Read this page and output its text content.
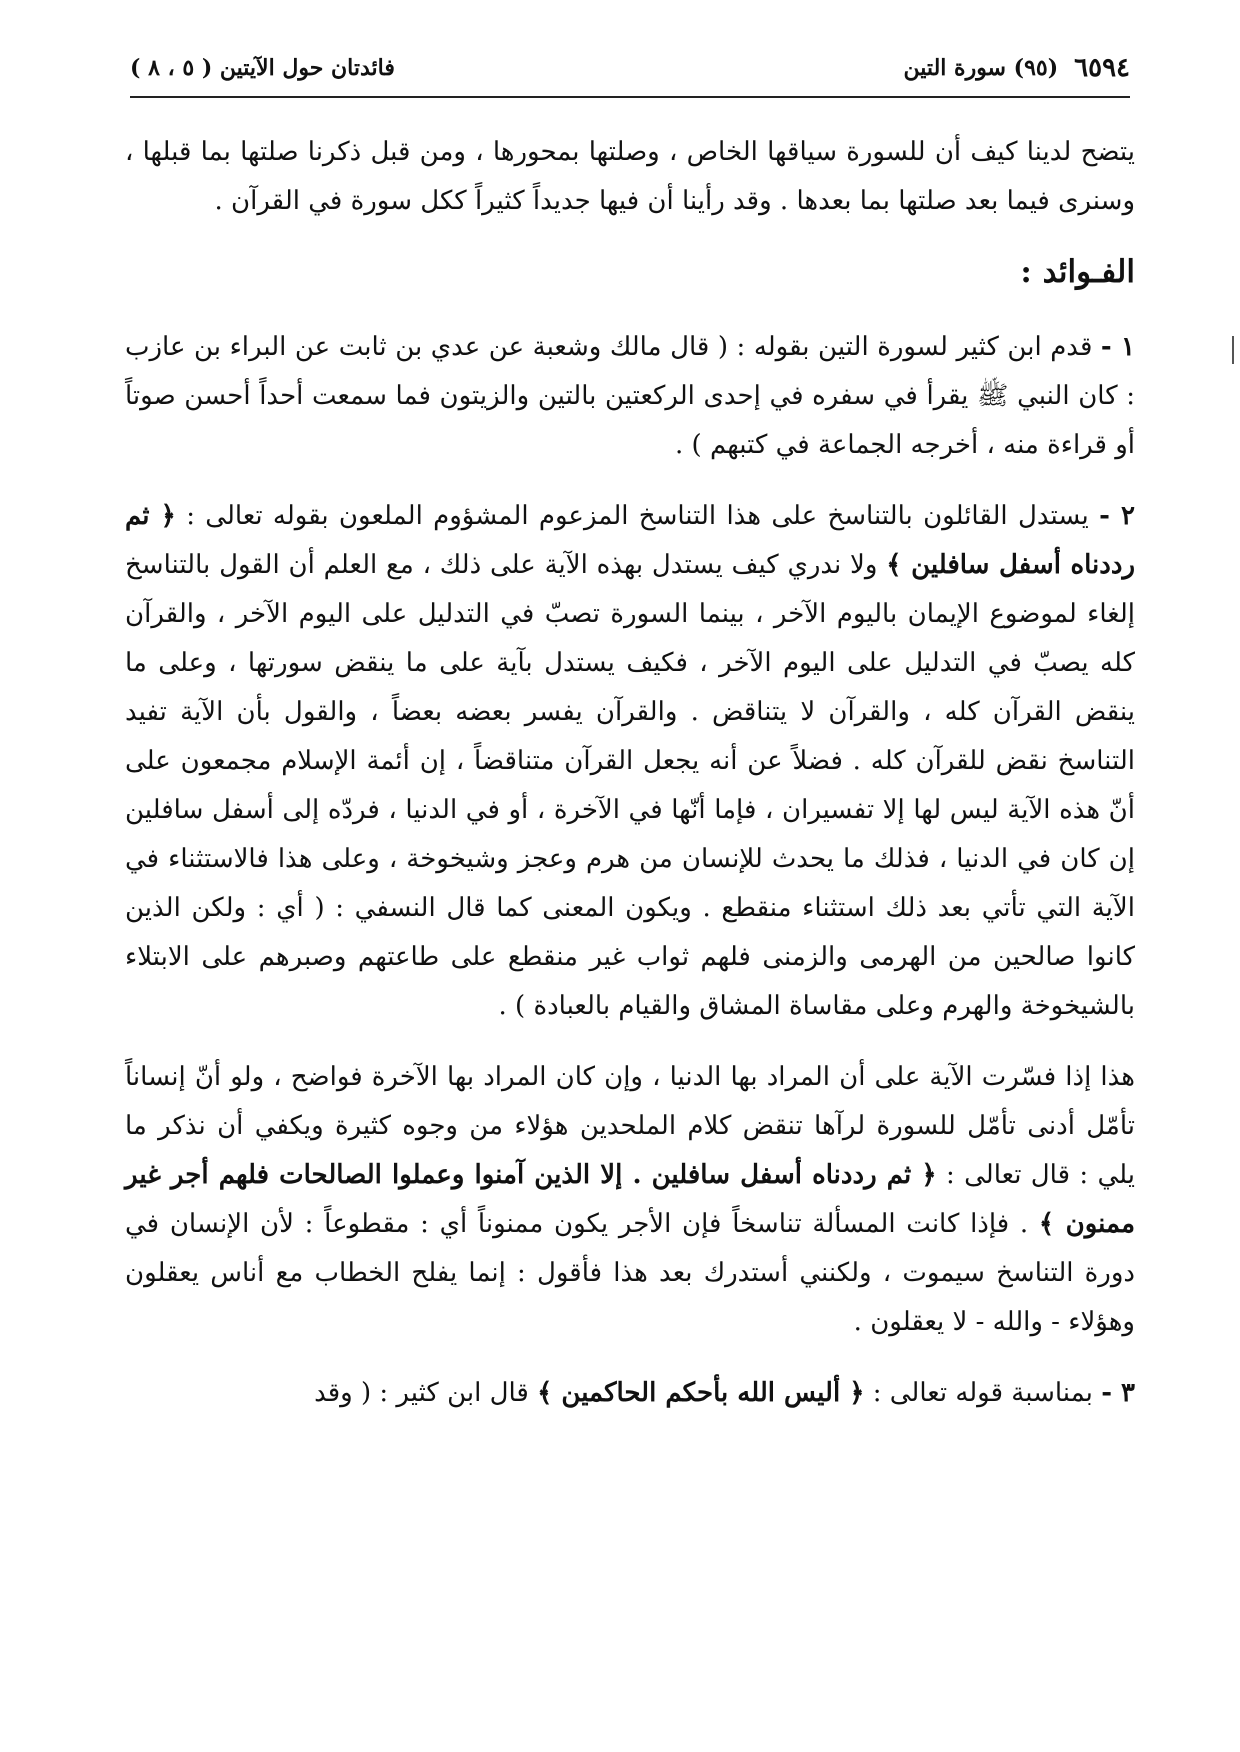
٦٥٩٤
(٩٥) سورة التين
فائدتان حول الآيتين ( ٥ ، ٨ )

يتضح لدينا كيف أن للسورة سياقها الخاص ، وصلتها بمحورها ، ومن قبل ذكرنا صلتها بما قبلها ، وسنرى فيما بعد صلتها بما بعدها . وقد رأينا أن فيها جديداً كثيراً ككل سورة في القرآن .

الفـوائد :

١ - قدم ابن كثير لسورة التين بقوله : ( قال مالك وشعبة عن عدي بن ثابت عن البراء بن عازب : كان النبي ﷺ يقرأ في سفره في إحدى الركعتين بالتين والزيتون فما سمعت أحداً أحسن صوتاً أو قراءة منه ، أخرجه الجماعة في كتبهم ) .

٢ - يستدل القائلون بالتناسخ على هذا التناسخ المزعوم المشؤوم الملعون بقوله تعالى : ﴿ ثم رددناه أسفل سافلين ﴾ ولا ندري كيف يستدل بهذه الآية على ذلك ، مع العلم أن القول بالتناسخ إلغاء لموضوع الإيمان باليوم الآخر ، بينما السورة تصبّ في التدليل على اليوم الآخر ، والقرآن كله يصبّ في التدليل على اليوم الآخر ، فكيف يستدل بآية على ما ينقض سورتها ، وعلى ما ينقض القرآن كله ، والقرآن لا يتناقض . والقرآن يفسر بعضه بعضاً ، والقول بأن الآية تفيد التناسخ نقض للقرآن كله . فضلاً عن أنه يجعل القرآن متناقضاً ، إن أئمة الإسلام مجمعون على أنّ هذه الآية ليس لها إلا تفسيران ، فإما أنّها في الآخرة ، أو في الدنيا ، فردّه إلى أسفل سافلين إن كان في الدنيا ، فذلك ما يحدث للإنسان من هرم وعجز وشيخوخة ، وعلى هذا فالاستثناء في الآية التي تأتي بعد ذلك استثناء منقطع . ويكون المعنى كما قال النسفي : ( أي : ولكن الذين كانوا صالحين من الهرمى والزمنى فلهم ثواب غير منقطع على طاعتهم وصبرهم على الابتلاء بالشيخوخة والهرم وعلى مقاساة المشاق والقيام بالعبادة ) .

هذا إذا فسّرت الآية على أن المراد بها الدنيا ، وإن كان المراد بها الآخرة فواضح ، ولو أنّ إنساناً تأمّل أدنى تأمّل للسورة لرآها تنقض كلام الملحدين هؤلاء من وجوه كثيرة ويكفي أن نذكر ما يلي : قال تعالى : ﴿ ثم رددناه أسفل سافلين . إلا الذين آمنوا وعملوا الصالحات فلهم أجر غير ممنون ﴾ . فإذا كانت المسألة تناسخاً فإن الأجر يكون ممنوناً أي : مقطوعاً : لأن الإنسان في دورة التناسخ سيموت ، ولكنني أستدرك بعد هذا فأقول : إنما يفلح الخطاب مع أناس يعقلون وهؤلاء - والله - لا يعقلون .

٣ - بمناسبة قوله تعالى : ﴿ أليس الله بأحكم الحاكمين ﴾ قال ابن كثير : ( وقد
